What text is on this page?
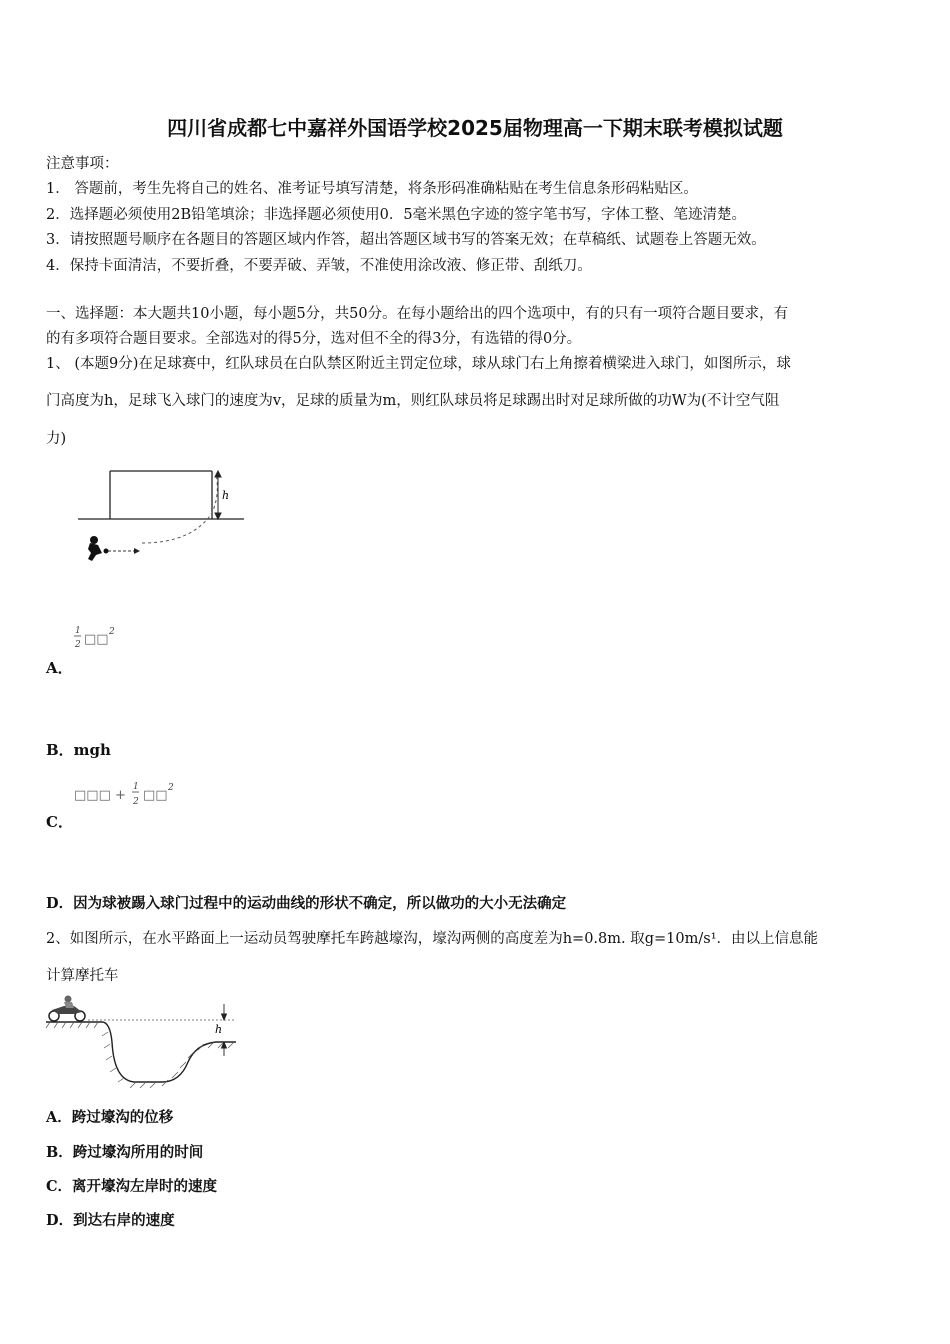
四川省成都七中嘉祥外国语学校2025届物理高一下期末联考模拟试题
注意事项：
1． 答题前，考生先将自己的姓名、准考证号填写清楚，将条形码准确粘贴在考生信息条形码粘贴区。
2．选择题必须使用2B铅笔填涂；非选择题必须使用0．5毫米黑色字迹的签字笔书写，字体工整、笔迹清楚。
3．请按照题号顺序在各题目的答题区域内作答，超出答题区域书写的答案无效；在草稿纸、试题卷上答题无效。
4．保持卡面清洁，不要折叠，不要弄破、弄皱，不准使用涂改液、修正带、刮纸刀。
一、选择题：本大题共10小题，每小题5分，共50分。在每小题给出的四个选项中，有的只有一项符合题目要求，有
的有多项符合题目要求。全部选对的得5分，选对但不全的得3分，有选错的得0分。
1、 (本题9分)在足球赛中，红队球员在白队禁区附近主罚定位球，球从球门右上角擦着横梁进入球门，如图所示，球
门高度为h，足球飞入球门的速度为v，足球的质量为m，则红队球员将足球踢出时对足球所做的功W为(不计空气阻
力)
h
1
2 □□ 2
A．
B．mgh
□□□ +
1
2 □□ 2
C．
D．因为球被踢入球门过程中的运动曲线的形状不确定，所以做功的大小无法确定
2、如图所示，在水平路面上一运动员驾驶摩托车跨越壕沟，壕沟两侧的高度差为h=0.8m. 取g=10m/s¹．由以上信息能
计算摩托车
h
A．跨过壕沟的位移
B．跨过壕沟所用的时间
C．离开壕沟左岸时的速度
D．到达右岸的速度
